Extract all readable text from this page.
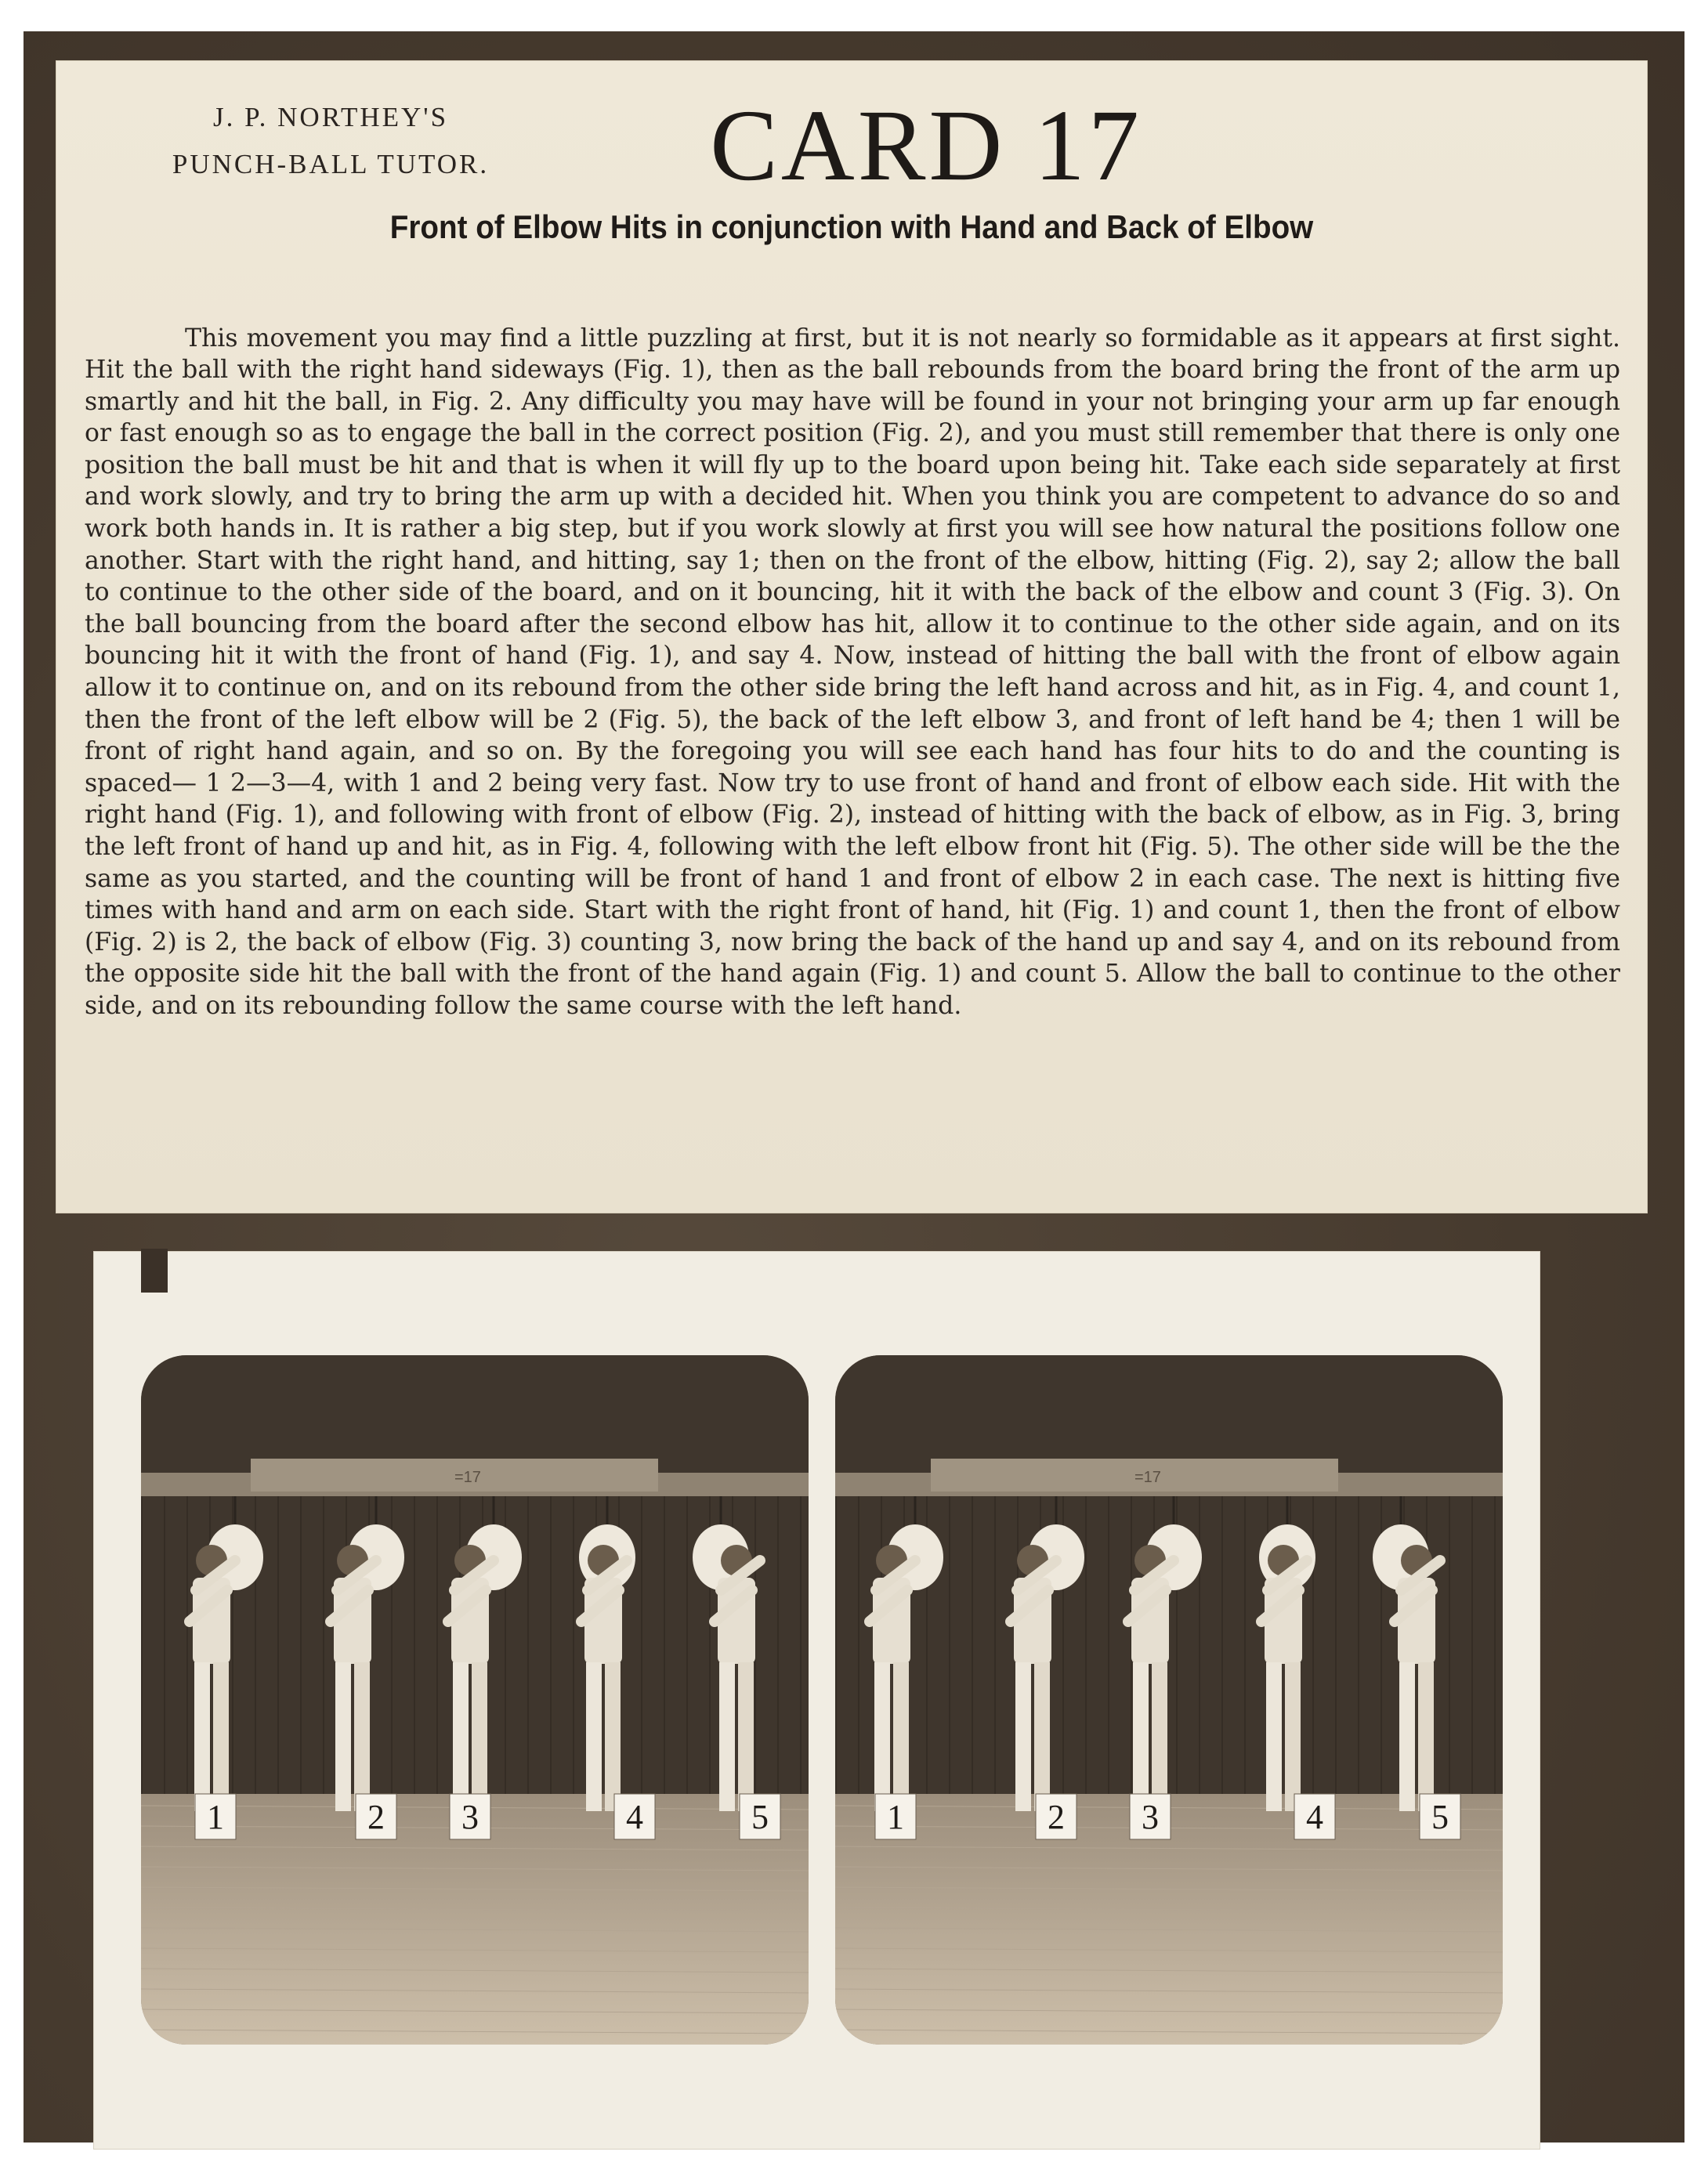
J. P. NORTHEY'S
PUNCH-BALL TUTOR.	CARD 17
Front of Elbow Hits in conjunction with Hand and Back of Elbow

This movement you may find a little puzzling at first, but it is not nearly so formidable as it appears at first sight. Hit the ball with the right hand sideways (Fig. 1), then as the ball rebounds from the board bring the front of the arm up smartly and hit the ball, in Fig. 2. Any difficulty you may have will be found in your not bringing your arm up far enough or fast enough so as to engage the ball in the correct position (Fig. 2), and you must still remember that there is only one position the ball must be hit and that is when it will fly up to the board upon being hit. Take each side separately at first and work slowly, and try to bring the arm up with a decided hit. When you think you are competent to advance do so and work both hands in. It is rather a big step, but if you work slowly at first you will see how natural the positions follow one another. Start with the right hand, and hitting, say 1; then on the front of the elbow, hitting (Fig. 2), say 2; allow the ball to continue to the other side of the board, and on it bouncing, hit it with the back of the elbow and count 3 (Fig. 3). On the ball bouncing from the board after the second elbow has hit, allow it to continue to the other side again, and on its bouncing hit it with the front of hand (Fig. 1), and say 4. Now, instead of hitting the ball with the front of elbow again allow it to continue on, and on its rebound from the other side bring the left hand across and hit, as in Fig. 4, and count 1, then the front of the left elbow will be 2 (Fig. 5), the back of the left elbow 3, and front of left hand be 4; then 1 will be front of right hand again, and so on. By the foregoing you will see each hand has four hits to do and the counting is spaced— 1 2—3—4, with 1 and 2 being very fast. Now try to use front of hand and front of elbow each side. Hit with the right hand (Fig. 1), and following with front of elbow (Fig. 2), instead of hitting with the back of elbow, as in Fig. 3, bring the left front of hand up and hit, as in Fig. 4, following with the left elbow front hit (Fig. 5). The other side will be the the same as you started, and the counting will be front of hand 1 and front of elbow 2 in each case. The next is hitting five times with hand and arm on each side. Start with the right front of hand, hit (Fig. 1) and count 1, then the front of elbow (Fig. 2) is 2, the back of elbow (Fig. 3) counting 3, now bring the back of the hand up and say 4, and on its rebound from the opposite side hit the ball with the front of the hand again (Fig. 1) and count 5. Allow the ball to continue to the other side, and on its rebounding follow the same course with the left hand.

=17
1	2 3	4	5
=17
1	2 3	4	5
